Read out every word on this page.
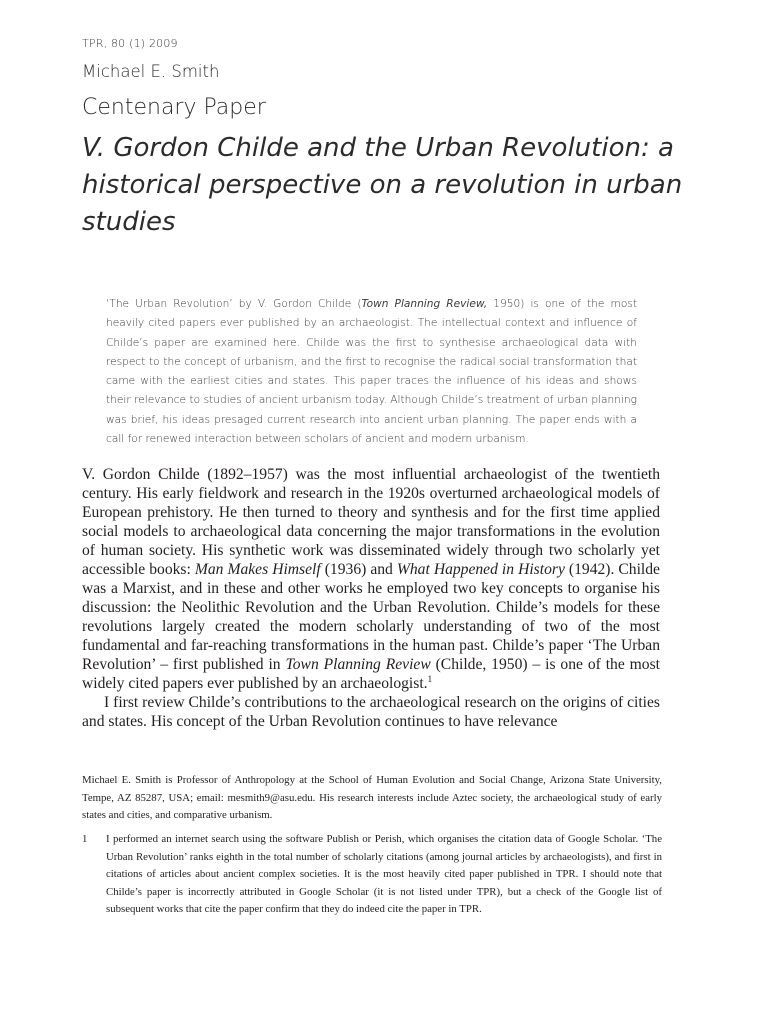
TPR, 80 (1) 2009
Michael E. Smith
Centenary Paper
V. Gordon Childe and the Urban Revolution: a historical perspective on a revolution in urban studies

‘The Urban Revolution’ by V. Gordon Childe (Town Planning Review, 1950) is one of the most heavily cited papers ever published by an archaeologist. The intellectual context and influence of Childe’s paper are examined here. Childe was the first to synthesise archaeological data with respect to the concept of urbanism, and the first to recognise the radical social transformation that came with the earliest cities and states. This paper traces the influence of his ideas and shows their relevance to studies of ancient urbanism today. Although Childe’s treatment of urban planning was brief, his ideas presaged current research into ancient urban planning. The paper ends with a call for renewed interaction between scholars of ancient and modern urbanism.

V. Gordon Childe (1892–1957) was the most influential archaeologist of the twentieth century. His early fieldwork and research in the 1920s overturned archaeological models of European prehistory. He then turned to theory and synthesis and for the first time applied social models to archaeological data concerning the major transformations in the evolution of human society. His synthetic work was disseminated widely through two scholarly yet accessible books: Man Makes Himself (1936) and What Happened in History (1942). Childe was a Marxist, and in these and other works he employed two key concepts to organise his discussion: the Neolithic Revolution and the Urban Revolution. Childe’s models for these revolutions largely created the modern scholarly understanding of two of the most fundamental and far-reaching transformations in the human past. Childe’s paper ‘The Urban Revolution’ – first published in Town Planning Review (Childe, 1950) – is one of the most widely cited papers ever published by an archaeologist.$^1$

I first review Childe’s contributions to the archaeological research on the origins of cities and states. His concept of the Urban Revolution continues to have relevance

Michael E. Smith is Professor of Anthropology at the School of Human Evolution and Social Change, Arizona State University, Tempe, AZ 85287, USA; email: mesmith9@asu.edu. His research interests include Aztec society, the archaeological study of early states and cities, and comparative urbanism.

1	I performed an internet search using the software Publish or Perish, which organises the citation data of Google Scholar. ‘The Urban Revolution’ ranks eighth in the total number of scholarly citations (among journal articles by archaeologists), and first in citations of articles about ancient complex societies. It is the most heavily cited paper published in TPR. I should note that Childe’s paper is incorrectly attributed in Google Scholar (it is not listed under TPR), but a check of the Google list of subsequent works that cite the paper confirm that they do indeed cite the paper in TPR.
